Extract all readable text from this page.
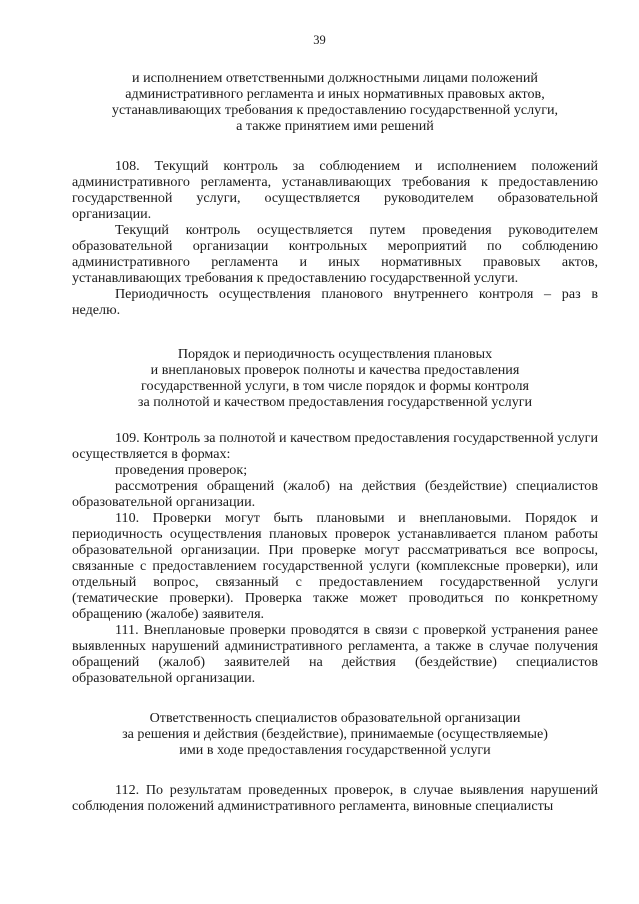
39

и исполнением ответственными должностными лицами положений

административного регламента и иных нормативных правовых актов,

устанавливающих требования к предоставлению государственной услуги,

а также принятием ими решений

108. Текущий контроль за соблюдением и исполнением положений административного регламента, устанавливающих требования к предоставлению государственной услуги, осуществляется руководителем образовательной организации.

Текущий контроль осуществляется путем проведения руководителем образовательной организации контрольных мероприятий по соблюдению административного регламента и иных нормативных правовых актов, устанавливающих требования к предоставлению государственной услуги.

Периодичность осуществления планового внутреннего контроля – раз в неделю.

Порядок и периодичность осуществления плановых

и внеплановых проверок полноты и качества предоставления

государственной услуги, в том числе порядок и формы контроля

за полнотой и качеством предоставления государственной услуги

109. Контроль за полнотой и качеством предоставления государственной услуги осуществляется в формах:

проведения проверок;

рассмотрения обращений (жалоб) на действия (бездействие) специалистов образовательной организации.

110. Проверки могут быть плановыми и внеплановыми. Порядок и периодичность осуществления плановых проверок устанавливается планом работы образовательной организации. При проверке могут рассматриваться все вопросы, связанные с предоставлением государственной услуги (комплексные проверки), или отдельный вопрос, связанный с предоставлением государственной услуги (тематические проверки). Проверка также может проводиться по конкретному обращению (жалобе) заявителя.

111. Внеплановые проверки проводятся в связи с проверкой устранения ранее выявленных нарушений административного регламента, а также в случае получения обращений (жалоб) заявителей на действия (бездействие) специалистов образовательной организации.

Ответственность специалистов образовательной организации

за решения и действия (бездействие), принимаемые (осуществляемые)

ими в ходе предоставления государственной услуги

112. По результатам проведенных проверок, в случае выявления нарушений соблюдения положений административного регламента, виновные специалисты
